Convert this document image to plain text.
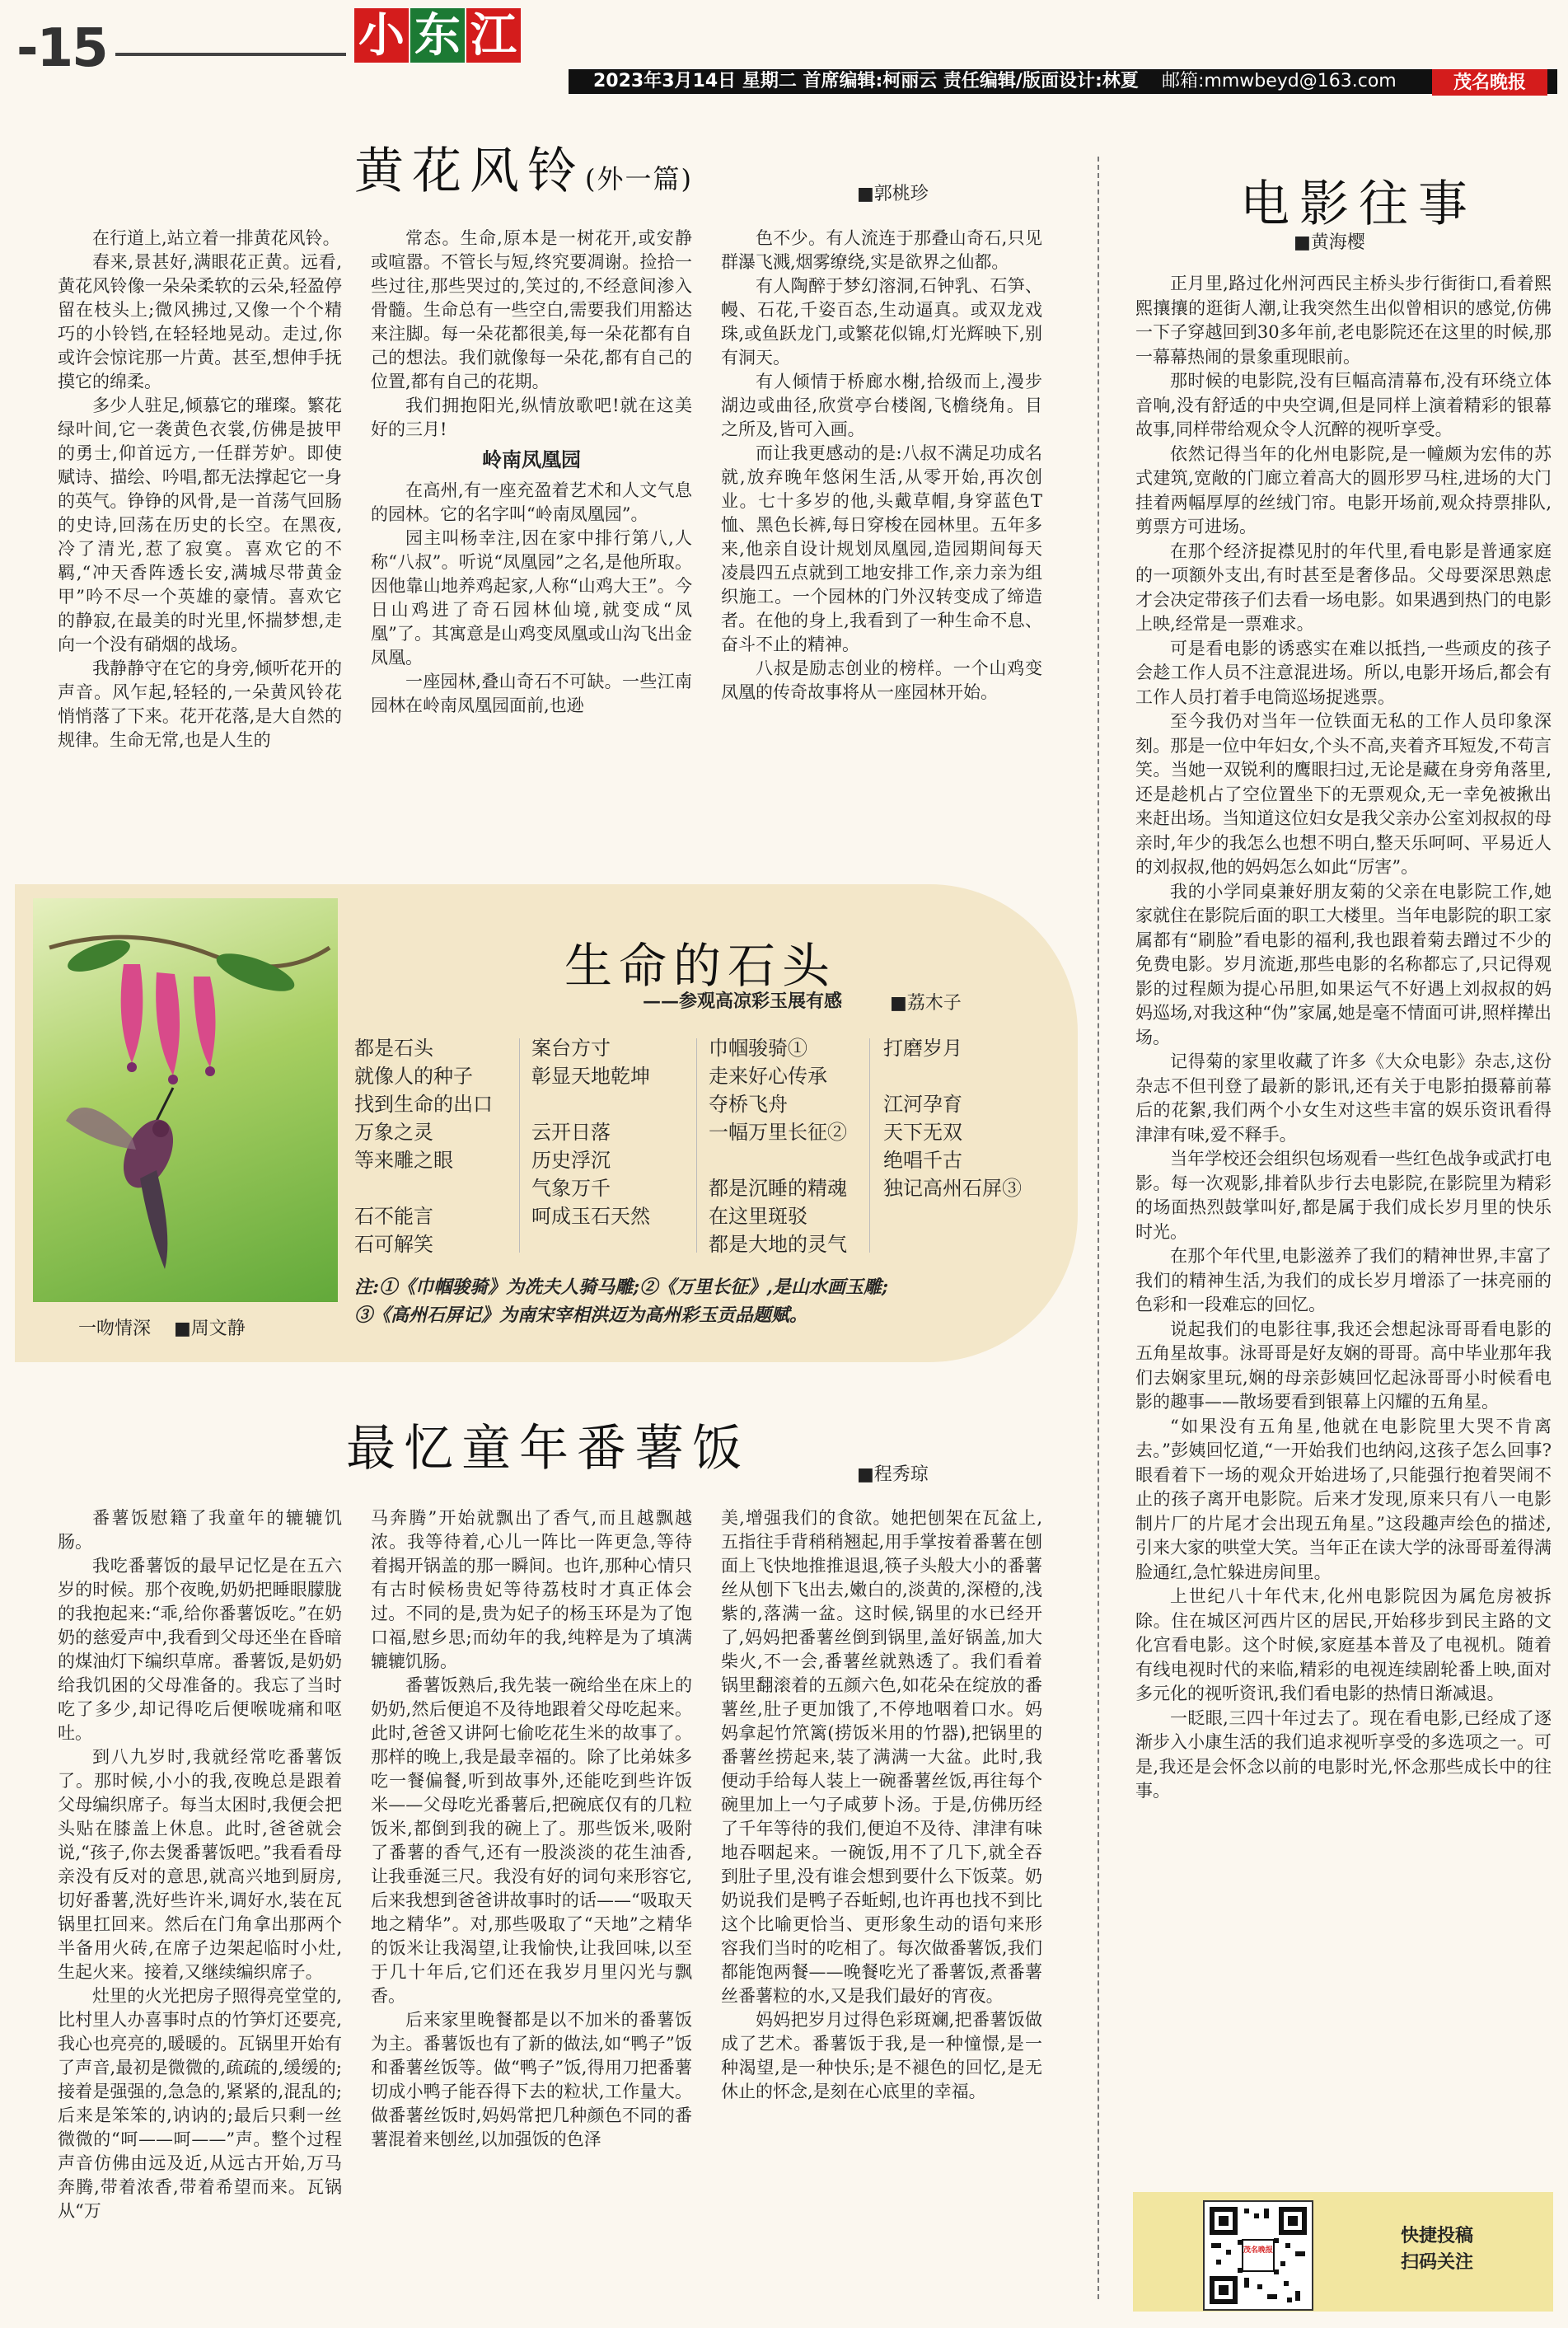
-15	小 东 江
2023年3月14日 星期二 首席编辑:柯丽云 责任编辑/版面设计:林夏 邮箱:mmwbeyd@163.com	茂名晚报
黄花风铃(外一篇)	■ 郭桃珍

在行道上,站立着一排黄花风铃。

春来,景甚好,满眼花正黄。远看,黄花风铃像一朵朵柔软的云朵,轻盈停留在枝头上;微风拂过,又像一个个精巧的小铃铛,在轻轻地晃动。走过,你或许会惊诧那一片黄。甚至,想伸手抚摸它的绵柔。

多少人驻足,倾慕它的璀璨。繁花绿叶间,它一袭黄色衣裳,仿佛是披甲的勇士,仰首远方,一任群芳妒。即使赋诗、描绘、吟唱,都无法撑起它一身的英气。铮铮的风骨,是一首荡气回肠的史诗,回荡在历史的长空。在黑夜,冷了清光,惹了寂寞。喜欢它的不羁,“冲天香阵透长安,满城尽带黄金甲”吟不尽一个英雄的豪情。喜欢它的静寂,在最美的时光里,怀揣梦想,走向一个没有硝烟的战场。

我静静守在它的身旁,倾听花开的声音。风乍起,轻轻的,一朵黄风铃花悄悄落了下来。花开花落,是大自然的规律。生命无常,也是人生的

常态。生命,原本是一树花开,或安静或喧嚣。不管长与短,终究要凋谢。捡拾一些过往,那些哭过的,笑过的,不经意间渗入骨髓。生命总有一些空白,需要我们用豁达来注脚。每一朵花都很美,每一朵花都有自己的想法。我们就像每一朵花,都有自己的位置,都有自己的花期。

我们拥抱阳光,纵情放歌吧!就在这美好的三月!

岭南凤凰园

在高州,有一座充盈着艺术和人文气息的园林。它的名字叫“岭南凤凰园”。

园主叫杨幸注,因在家中排行第八,人称“八叔”。听说“凤凰园”之名,是他所取。因他靠山地养鸡起家,人称“山鸡大王”。今日山鸡进了奇石园林仙境,就变成“凤凰”了。其寓意是山鸡变凤凰或山沟飞出金凤凰。

一座园林,叠山奇石不可缺。一些江南园林在岭南凤凰园面前,也逊

色不少。有人流连于那叠山奇石,只见群瀑飞溅,烟雾缭绕,实是欲界之仙都。

有人陶醉于梦幻溶洞,石钟乳、石笋、幔、石花,千姿百态,生动逼真。或双龙戏珠,或鱼跃龙门,或繁花似锦,灯光辉映下,别有洞天。

有人倾情于桥廊水榭,拾级而上,漫步湖边或曲径,欣赏亭台楼阁,飞檐绕角。目之所及,皆可入画。

而让我更感动的是:八叔不满足功成名就,放弃晚年悠闲生活,从零开始,再次创业。七十多岁的他,头戴草帽,身穿蓝色T恤、黑色长裤,每日穿梭在园林里。五年多来,他亲自设计规划凤凰园,造园期间每天凌晨四五点就到工地安排工作,亲力亲为组织施工。一个园林的门外汉转变成了缔造者。在他的身上,我看到了一种生命不息、奋斗不止的精神。

八叔是励志创业的榜样。一个山鸡变凤凰的传奇故事将从一座园林开始。

一吻情深 ■ 周文静
生命的石头
——参观高凉彩玉展有感	■ 荔木子
都是石头
就像人的种子
找到生命的出口
万象之灵
等来雕之眼
石不能言
石可解笑
案台方寸
彰显天地乾坤
云开日落
历史浮沉
气象万千
呵成玉石天然
巾帼骏骑①
走来好心传承
夺桥飞舟
一幅万里长征②
都是沉睡的精魂
在这里斑驳
都是大地的灵气
打磨岁月
江河孕育
天下无双
绝唱千古
独记高州石屏③
注:①《巾帼骏骑》为冼夫人骑马雕;②《万里长征》,是山水画玉雕;
③《高州石屏记》为南宋宰相洪迈为高州彩玉贡品题赋。
最忆童年番薯饭	■ 程秀琼

番薯饭慰籍了我童年的辘辘饥肠。

我吃番薯饭的最早记忆是在五六岁的时候。那个夜晚,奶奶把睡眼朦胧的我抱起来:“乖,给你番薯饭吃。”在奶奶的慈爱声中,我看到父母还坐在昏暗的煤油灯下编织草席。番薯饭,是奶奶给我饥困的父母准备的。我忘了当时吃了多少,却记得吃后便喉咙痛和呕吐。

到八九岁时,我就经常吃番薯饭了。那时候,小小的我,夜晚总是跟着父母编织席子。每当太困时,我便会把头贴在膝盖上休息。此时,爸爸就会说,“孩子,你去煲番薯饭吧。”我看看母亲没有反对的意思,就高兴地到厨房,切好番薯,洗好些许米,调好水,装在瓦锅里扛回来。然后在门角拿出那两个半备用火砖,在席子边架起临时小灶,生起火来。接着,又继续编织席子。

灶里的火光把房子照得亮堂堂的,比村里人办喜事时点的竹笋灯还要亮,我心也亮亮的,暖暖的。瓦锅里开始有了声音,最初是微微的,疏疏的,缓缓的;接着是强强的,急急的,紧紧的,混乱的;后来是笨笨的,讷讷的;最后只剩一丝微微的“呵——呵——”声。整个过程声音仿佛由远及近,从远古开始,万马奔腾,带着浓香,带着希望而来。瓦锅从“万

马奔腾”开始就飘出了香气,而且越飘越浓。我等待着,心儿一阵比一阵更急,等待着揭开锅盖的那一瞬间。也许,那种心情只有古时候杨贵妃等待荔枝时才真正体会过。不同的是,贵为妃子的杨玉环是为了饱口福,慰乡思;而幼年的我,纯粹是为了填满辘辘饥肠。

番薯饭熟后,我先装一碗给坐在床上的奶奶,然后便追不及待地跟着父母吃起来。此时,爸爸又讲阿七偷吃花生米的故事了。那样的晚上,我是最幸福的。除了比弟妹多吃一餐偏餐,听到故事外,还能吃到些许饭米——父母吃光番薯后,把碗底仅有的几粒饭米,都倒到我的碗上了。那些饭米,吸附了番薯的香气,还有一股淡淡的花生油香,让我垂涎三尺。我没有好的词句来形容它,后来我想到爸爸讲故事时的话——“吸取天地之精华”。对,那些吸取了“天地”之精华的饭米让我渴望,让我愉快,让我回味,以至于几十年后,它们还在我岁月里闪光与飘香。

后来家里晚餐都是以不加米的番薯饭为主。番薯饭也有了新的做法,如“鸭子”饭和番薯丝饭等。做“鸭子”饭,得用刀把番薯切成小鸭子能吞得下去的粒状,工作量大。做番薯丝饭时,妈妈常把几种颜色不同的番薯混着来刨丝,以加强饭的色泽

美,增强我们的食欲。她把刨架在瓦盆上,五指往手背稍稍翘起,用手掌按着番薯在刨面上飞快地推推退退,筷子头般大小的番薯丝从刨下飞出去,嫩白的,淡黄的,深橙的,浅紫的,落满一盆。这时候,锅里的水已经开了,妈妈把番薯丝倒到锅里,盖好锅盖,加大柴火,不一会,番薯丝就熟透了。我们看着锅里翻滚着的五颜六色,如花朵在绽放的番薯丝,肚子更加饿了,不停地咽着口水。妈妈拿起竹笊篱(捞饭米用的竹器),把锅里的番薯丝捞起来,装了满满一大盆。此时,我便动手给每人装上一碗番薯丝饭,再往每个碗里加上一勺子咸萝卜汤。于是,仿佛历经了千年等待的我们,便迫不及待、津津有味地吞咽起来。一碗饭,用不了几下,就全吞到肚子里,没有谁会想到要什么下饭菜。奶奶说我们是鸭子吞蚯蚓,也许再也找不到比这个比喻更恰当、更形象生动的语句来形容我们当时的吃相了。每次做番薯饭,我们都能饱两餐——晚餐吃光了番薯饭,煮番薯丝番薯粒的水,又是我们最好的宵夜。

妈妈把岁月过得色彩斑斓,把番薯饭做成了艺术。番薯饭于我,是一种憧憬,是一种渴望,是一种快乐;是不褪色的回忆,是无休止的怀念,是刻在心底里的幸福。

电影往事
■ 黄海樱

正月里,路过化州河西民主桥头步行街街口,看着熙熙攘攘的逛街人潮,让我突然生出似曾相识的感觉,仿佛一下子穿越回到30多年前,老电影院还在这里的时候,那一幕幕热闹的景象重现眼前。

那时候的电影院,没有巨幅高清幕布,没有环绕立体音响,没有舒适的中央空调,但是同样上演着精彩的银幕故事,同样带给观众令人沉醉的视听享受。

依然记得当年的化州电影院,是一幢颇为宏伟的苏式建筑,宽敞的门廊立着高大的圆形罗马柱,进场的大门挂着两幅厚厚的丝绒门帘。电影开场前,观众持票排队,剪票方可进场。

在那个经济捉襟见肘的年代里,看电影是普通家庭的一项额外支出,有时甚至是奢侈品。父母要深思熟虑才会决定带孩子们去看一场电影。如果遇到热门的电影上映,经常是一票难求。

可是看电影的诱惑实在难以抵挡,一些顽皮的孩子会趁工作人员不注意混进场。所以,电影开场后,都会有工作人员打着手电筒巡场捉逃票。

至今我仍对当年一位铁面无私的工作人员印象深刻。那是一位中年妇女,个头不高,夹着齐耳短发,不苟言笑。当她一双锐利的鹰眼扫过,无论是藏在身旁角落里,还是趁机占了空位置坐下的无票观众,无一幸免被揪出来赶出场。当知道这位妇女是我父亲办公室刘叔叔的母亲时,年少的我怎么也想不明白,整天乐呵呵、平易近人的刘叔叔,他的妈妈怎么如此“厉害”。

我的小学同桌兼好朋友菊的父亲在电影院工作,她家就住在影院后面的职工大楼里。当年电影院的职工家属都有“刷脸”看电影的福利,我也跟着菊去蹭过不少的免费电影。岁月流逝,那些电影的名称都忘了,只记得观影的过程颇为提心吊胆,如果运气不好遇上刘叔叔的妈妈巡场,对我这种“伪”家属,她是毫不情面可讲,照样撵出场。

记得菊的家里收藏了许多《大众电影》杂志,这份杂志不但刊登了最新的影讯,还有关于电影拍摄幕前幕后的花絮,我们两个小女生对这些丰富的娱乐资讯看得津津有味,爱不释手。

当年学校还会组织包场观看一些红色战争或武打电影。每一次观影,排着队步行去电影院,在影院里为精彩的场面热烈鼓掌叫好,都是属于我们成长岁月里的快乐时光。

在那个年代里,电影滋养了我们的精神世界,丰富了我们的精神生活,为我们的成长岁月增添了一抹亮丽的色彩和一段难忘的回忆。

说起我们的电影往事,我还会想起泳哥哥看电影的五角星故事。泳哥哥是好友娴的哥哥。高中毕业那年我们去娴家里玩,娴的母亲彭姨回忆起泳哥哥小时候看电影的趣事——散场要看到银幕上闪耀的五角星。

“如果没有五角星,他就在电影院里大哭不肯离去。”彭姨回忆道,“一开始我们也纳闷,这孩子怎么回事?眼看着下一场的观众开始进场了,只能强行抱着哭闹不止的孩子离开电影院。后来才发现,原来只有八一电影制片厂的片尾才会出现五角星。”这段趣声绘色的描述,引来大家的哄堂大笑。当年正在读大学的泳哥哥羞得满脸通红,急忙躲进房间里。

上世纪八十年代末,化州电影院因为属危房被拆除。住在城区河西片区的居民,开始移步到民主路的文化宫看电影。这个时候,家庭基本普及了电视机。随着有线电视时代的来临,精彩的电视连续剧轮番上映,面对多元化的视听资讯,我们看电影的热情日渐减退。

一眨眼,三四十年过去了。现在看电影,已经成了逐渐步入小康生活的我们追求视听享受的多选项之一。可是,我还是会怀念以前的电影时光,怀念那些成长中的往事。

茂名晚报
快捷投稿
扫码关注
